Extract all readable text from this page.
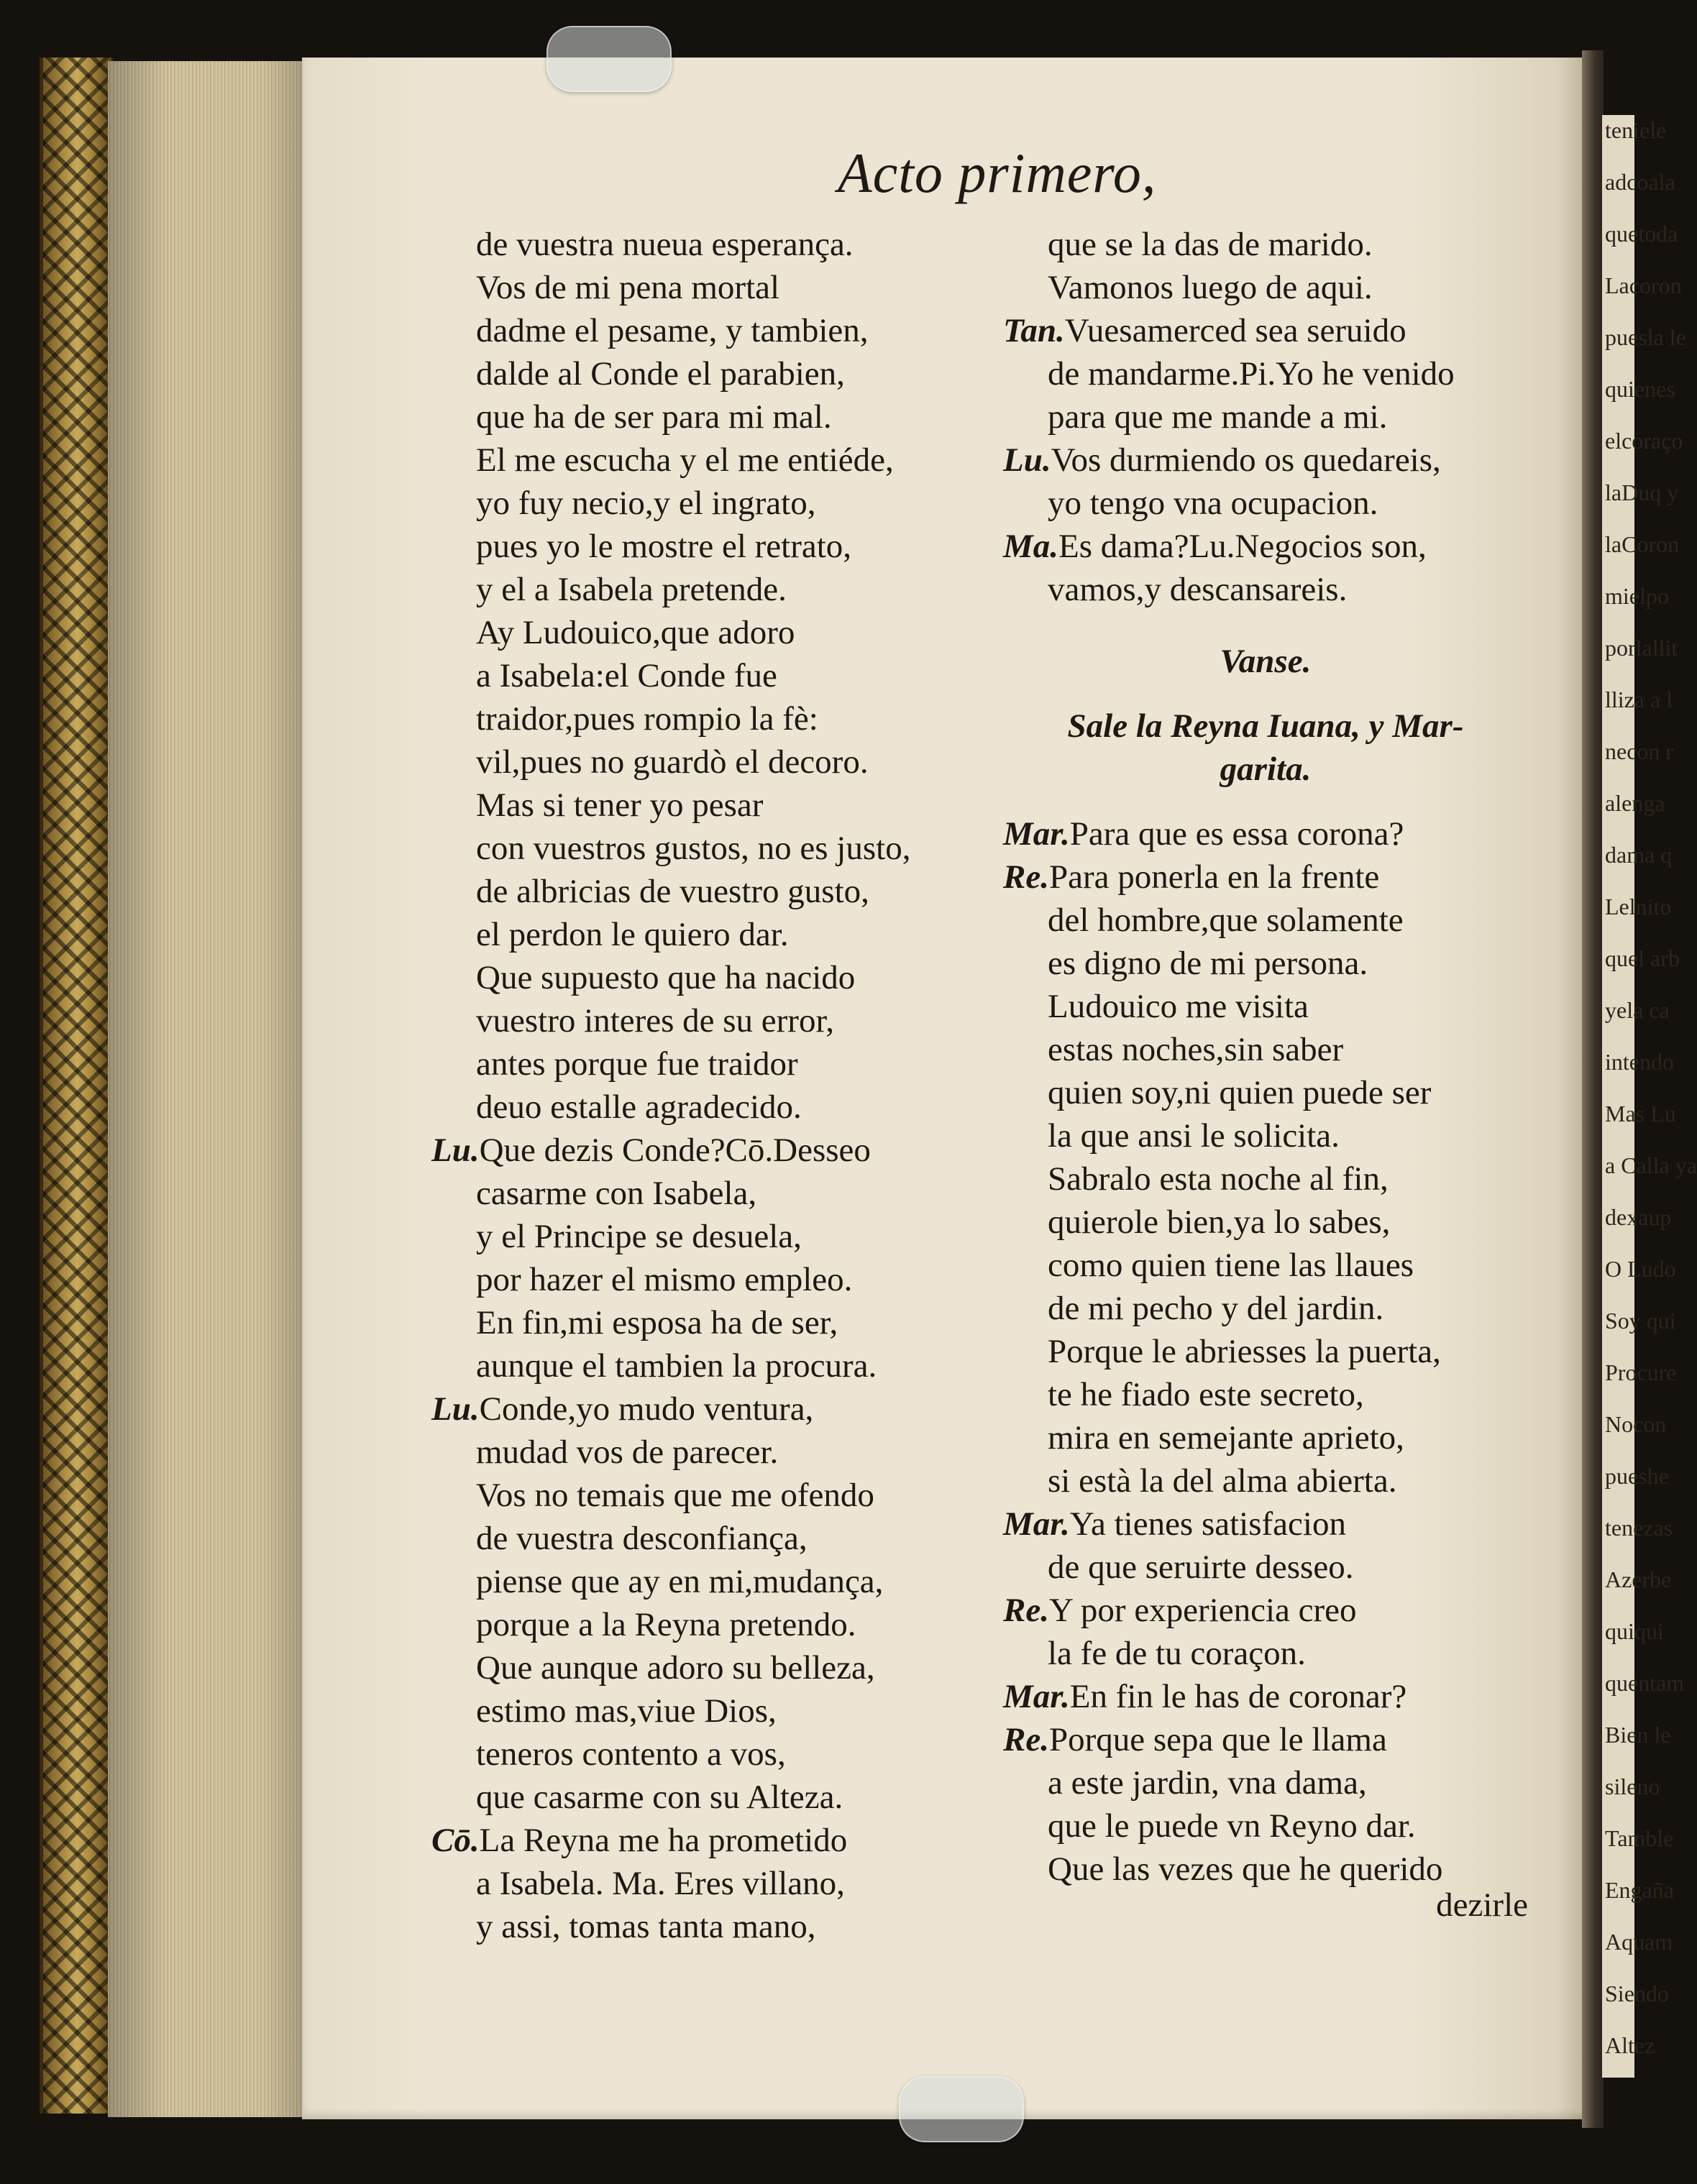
teniele
adcoala
quetoda
Lacoron
puesla le
quienes
elcoraço
laDuq y
laCoron
mielpo
porlallit
lliza a l
necon r
alenga
dama q
Lelnito
quel arb
yela ca
intendo
Mas Lu
a Calla ya
dexaup
O Ludo
Soy qui
Procure
Nocon
pueshe
tenezas
Azerbe
quiqui
quentam
Bien le
sileno
Tamble
Engaña
Aquam
Siendo
Altez
Acto primero,
de vuestra nueua esperança.
Vos de mi pena mortal
dadme el pesame, y tambien,
dalde al Conde el parabien,
que ha de ser para mi mal.
El me escucha y el me entiéde,
yo fuy necio,y el ingrato,
pues yo le mostre el retrato,
y el a Isabela pretende.
Ay Ludouico,que adoro
a Isabela:el Conde fue
traidor,pues rompio la fè:
vil,pues no guardò el decoro.
Mas si tener yo pesar
con vuestros gustos, no es justo,
de albricias de vuestro gusto,
el perdon le quiero dar.
Que supuesto que ha nacido
vuestro interes de su error,
antes porque fue traidor
deuo estalle agradecido.
Lu.Que dezis Conde?Cō.Desseo
casarme con Isabela,
y el Principe se desuela,
por hazer el mismo empleo.
En fin,mi esposa ha de ser,
aunque el tambien la procura.
Lu.Conde,yo mudo ventura,
mudad vos de parecer.
Vos no temais que me ofendo
de vuestra desconfiança,
piense que ay en mi,mudança,
porque a la Reyna pretendo.
Que aunque adoro su belleza,
estimo mas,viue Dios,
teneros contento a vos,
que casarme con su Alteza.
Cō.La Reyna me ha prometido
a Isabela. Ma. Eres villano,
y assi, tomas tanta mano,
que se la das de marido.
Vamonos luego de aqui.
Tan.Vuesamerced sea seruido
de mandarme.Pi.Yo he venido
para que me mande a mi.
Lu.Vos durmiendo os quedareis,
yo tengo vna ocupacion.
Ma.Es dama?Lu.Negocios son,
vamos,y descansareis.
Vanse.
Sale la Reyna Iuana, y Mar-
garita.
Mar.Para que es essa corona?
Re.Para ponerla en la frente
del hombre,que solamente
es digno de mi persona.
Ludouico me visita
estas noches,sin saber
quien soy,ni quien puede ser
la que ansi le solicita.
Sabralo esta noche al fin,
quierole bien,ya lo sabes,
como quien tiene las llaues
de mi pecho y del jardin.
Porque le abriesses la puerta,
te he fiado este secreto,
mira en semejante aprieto,
si està la del alma abierta.
Mar.Ya tienes satisfacion
de que seruirte desseo.
Re.Y por experiencia creo
la fe de tu coraçon.
Mar.En fin le has de coronar?
Re.Porque sepa que le llama
a este jardin, vna dama,
que le puede vn Reyno dar.
Que las vezes que he querido
dezirle
